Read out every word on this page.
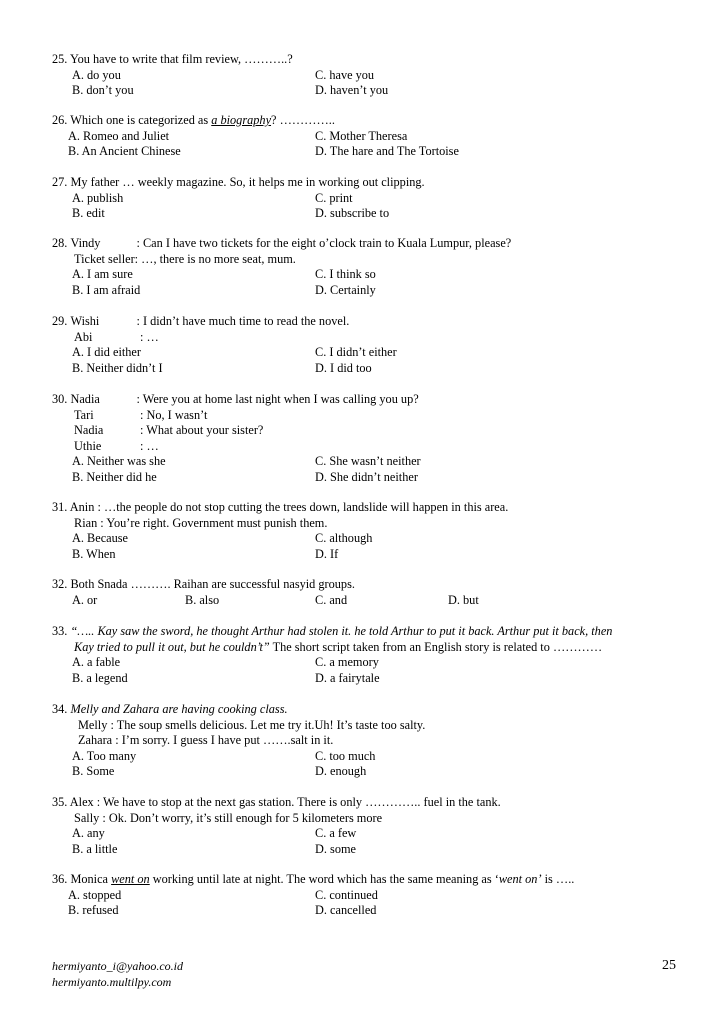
25. You have to write that film review, ………..?
A. do you	C. have you
B. don’t you	D. haven’t you
26. Which one is categorized as a biography? …………..
A. Romeo and Juliet	C. Mother Theresa
B. An Ancient Chinese	D. The hare and The Tortoise
27. My father … weekly magazine. So, it helps me in working out clipping.
A. publish	C. print
B. edit	D. subscribe to
28. Vindy	: Can I have two tickets for the eight o’clock train to Kuala Lumpur, please?
Ticket seller: …, there is no more seat, mum.
A. I am sure	C. I think so
B. I am afraid	D. Certainly
29. Wishi	: I didn’t have much time to read the novel.
Abi	: …
A. I did either	C. I didn’t either
B. Neither didn’t I	D. I did too
30. Nadia	: Were you at home last night when I was calling you up?
Tari	: No, I wasn’t
Nadia	: What about your sister?
Uthie	: …
A. Neither was she	C. She wasn’t neither
B. Neither did he	D. She didn’t neither
31. Anin : …the people do not stop cutting the trees down, landslide will happen in this area.
Rian : You’re right. Government must punish them.
A. Because	C. although
B. When	D. If
32. Both Snada ………. Raihan are successful nasyid groups.
A. or	B. also	C. and	D. but
33. “….. Kay saw the sword, he thought Arthur had stolen it. he told Arthur to put it back. Arthur put it back, then
Kay tried to pull it out, but he couldn’t” The short script taken from an English story is related to …………
A. a fable	C. a memory
B. a legend	D. a fairytale
34. Melly and Zahara are having cooking class.
Melly : The soup smells delicious. Let me try it.Uh! It’s taste too salty.
Zahara : I’m sorry. I guess I have put …….salt in it.
A. Too many	C. too much
B. Some	D. enough
35. Alex : We have to stop at the next gas station. There is only ………….. fuel in the tank.
Sally : Ok. Don’t worry, it’s still enough for 5 kilometers more
A. any	C. a few
B. a little	D. some
36. Monica went on working until late at night. The word which has the same meaning as ‘went on’ is …..
A. stopped	C. continued
B. refused	D. cancelled
hermiyanto_i@yahoo.co.id
hermiyanto.multilpy.com
25
